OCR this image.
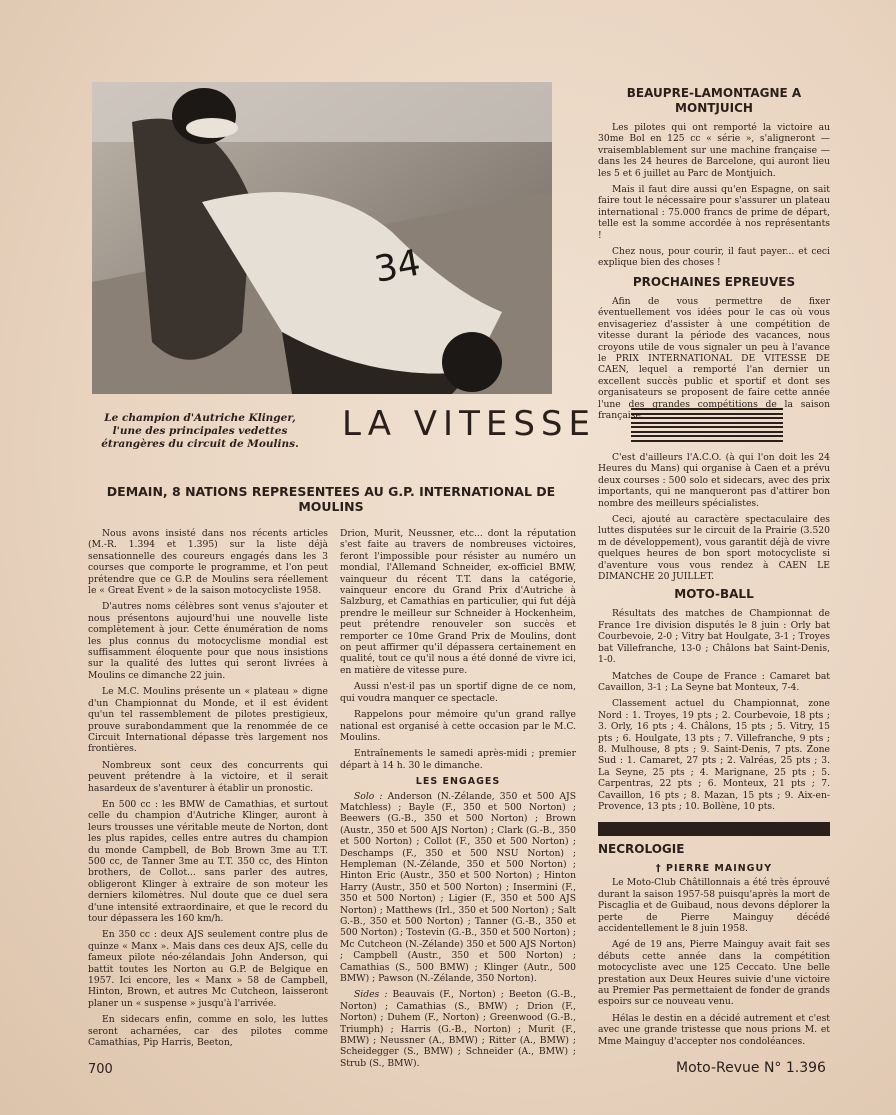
34
Le champion d'Autriche Klinger, l'une des principales vedettes étrangères du circuit de Moulins. LA VITESSE
DEMAIN, 8 NATIONS REPRESENTEES AU G.P. INTERNATIONAL DE MOULINS

Nous avons insisté dans nos récents articles (M.-R. 1.394 et 1.395) sur la liste déjà sensationnelle des coureurs engagés dans les 3 courses que comporte le programme, et l'on peut prétendre que ce G.P. de Moulins sera réellement le « Great Event » de la saison motocycliste 1958.

D'autres noms célèbres sont venus s'ajouter et nous présentons aujourd'hui une nouvelle liste complètement à jour. Cette énumération de noms les plus connus du motocyclisme mondial est suffisamment éloquente pour que nous insistions sur la qualité des luttes qui seront livrées à Moulins ce dimanche 22 juin.

Le M.C. Moulins présente un « plateau » digne d'un Championnat du Monde, et il est évident qu'un tel rassemblement de pilotes prestigieux, prouve surabondamment que la renommée de ce Circuit International dépasse très largement nos frontières.

Nombreux sont ceux des concurrents qui peuvent prétendre à la victoire, et il serait hasardeux de s'aventurer à établir un pronostic.

En 500 cc : les BMW de Camathias, et surtout celle du champion d'Autriche Klinger, auront à leurs trousses une véritable meute de Norton, dont les plus rapides, celles entre autres du champion du monde Campbell, de Bob Brown 3me au T.T. 500 cc, de Tanner 3me au T.T. 350 cc, des Hinton brothers, de Collot... sans parler des autres, obligeront Klinger à extraire de son moteur les derniers kilomètres. Nul doute que ce duel sera d'une intensité extraordinaire, et que le record du tour dépassera les 160 km/h.

En 350 cc : deux AJS seulement contre plus de quinze « Manx ». Mais dans ces deux AJS, celle du fameux pilote néo-zélandais John Anderson, qui battit toutes les Norton au G.P. de Belgique en 1957. Ici encore, les « Manx » 58 de Campbell, Hinton, Brown, et autres Mc Cutcheon, laisseront planer un « suspense » jusqu'à l'arrivée.

En sidecars enfin, comme en solo, les luttes seront acharnées, car des pilotes comme Camathias, Pip Harris, Beeton,

Drion, Murit, Neussner, etc... dont la réputation s'est faite au travers de nombreuses victoires, feront l'impossible pour résister au numéro un mondial, l'Allemand Schneider, ex-officiel BMW, vainqueur du récent T.T. dans la catégorie, vainqueur encore du Grand Prix d'Autriche à Salzburg, et Camathias en particulier, qui fut déjà prendre le meilleur sur Schneider à Hockenheim, peut prétendre renouveler son succès et remporter ce 10me Grand Prix de Moulins, dont on peut affirmer qu'il dépassera certainement en qualité, tout ce qu'il nous a été donné de vivre ici, en matière de vitesse pure.

Aussi n'est-il pas un sportif digne de ce nom, qui voudra manquer ce spectacle.

Rappelons pour mémoire qu'un grand rallye national est organisé à cette occasion par le M.C. Moulins.

Entraînements le samedi après-midi ; premier départ à 14 h. 30 le dimanche.

LES ENGAGES

Solo : Anderson (N.-Zélande, 350 et 500 AJS Matchless) ; Bayle (F., 350 et 500 Norton) ; Beewers (G.-B., 350 et 500 Norton) ; Brown (Austr., 350 et 500 AJS Norton) ; Clark (G.-B., 350 et 500 Norton) ; Collot (F., 350 et 500 Norton) ; Deschamps (F., 350 et 500 NSU Norton) ; Hempleman (N.-Zélande, 350 et 500 Norton) ; Hinton Eric (Austr., 350 et 500 Norton) ; Hinton Harry (Austr., 350 et 500 Norton) ; Insermini (F., 350 et 500 Norton) ; Ligier (F., 350 et 500 AJS Norton) ; Matthews (Irl., 350 et 500 Norton) ; Salt G.-B., 350 et 500 Norton) ; Tanner (G.-B., 350 et 500 Norton) ; Tostevin (G.-B., 350 et 500 Norton) ; Mc Cutcheon (N.-Zélande) 350 et 500 AJS Norton) ; Campbell (Austr., 350 et 500 Norton) ; Camathias (S., 500 BMW) ; Klinger (Autr., 500 BMW) ; Pawson (N.-Zélande, 350 Norton).

Sides : Beauvais (F., Norton) ; Beeton (G.-B., Norton) ; Camathias (S., BMW) ; Drion (F., Norton) ; Duhem (F., Norton) ; Greenwood (G.-B., Triumph) ; Harris (G.-B., Norton) ; Murit (F., BMW) ; Neussner (A., BMW) ; Ritter (A., BMW) ; Scheidegger (S., BMW) ; Schneider (A., BMW) ; Strub (S., BMW).

BEAUPRE-LAMONTAGNE A MONTJUICH

Les pilotes qui ont remporté la victoire au 30me Bol en 125 cc « série », s'aligneront — vraisemblablement sur une machine française — dans les 24 heures de Barcelone, qui auront lieu les 5 et 6 juillet au Parc de Montjuich.

Mais il faut dire aussi qu'en Espagne, on sait faire tout le nécessaire pour s'assurer un plateau international : 75.000 francs de prime de départ, telle est la somme accordée à nos représentants !

Chez nous, pour courir, il faut payer... et ceci explique bien des choses !

PROCHAINES EPREUVES

Afin de vous permettre de fixer éventuellement vos idées pour le cas où vous envisageriez d'assister à une compétition de vitesse durant la période des vacances, nous croyons utile de vous signaler un peu à l'avance le PRIX INTERNATIONAL DE VITESSE DE CAEN, lequel a remporté l'an dernier un excellent succès public et sportif et dont ses organisateurs se proposent de faire cette année l'une des grandes compétitions de la saison française.

C'est d'ailleurs l'A.C.O. (à qui l'on doit les 24 Heures du Mans) qui organise à Caen et a prévu deux courses : 500 solo et sidecars, avec des prix importants, qui ne manqueront pas d'attirer bon nombre des meilleurs spécialistes.

Ceci, ajouté au caractère spectaculaire des luttes disputées sur le circuit de la Prairie (3.520 m de développement), vous garantit déjà de vivre quelques heures de bon sport motocycliste si d'aventure vous vous rendez à CAEN LE DIMANCHE 20 JUILLET.

MOTO-BALL

Résultats des matches de Championnat de France 1re division disputés le 8 juin : Orly bat Courbevoie, 2-0 ; Vitry bat Houlgate, 3-1 ; Troyes bat Villefranche, 13-0 ; Châlons bat Saint-Denis, 1-0.

Matches de Coupe de France : Camaret bat Cavaillon, 3-1 ; La Seyne bat Monteux, 7-4.

Classement actuel du Championnat, zone Nord : 1. Troyes, 19 pts ; 2. Courbevoie, 18 pts ; 3. Orly, 16 pts ; 4. Châlons, 15 pts ; 5. Vitry, 15 pts ; 6. Houlgate, 13 pts ; 7. Villefranche, 9 pts ; 8. Mulhouse, 8 pts ; 9. Saint-Denis, 7 pts. Zone Sud : 1. Camaret, 27 pts ; 2. Valréas, 25 pts ; 3. La Seyne, 25 pts ; 4. Marignane, 25 pts ; 5. Carpentras, 22 pts ; 6. Monteux, 21 pts ; 7. Cavaillon, 16 pts ; 8. Mazan, 15 pts ; 9. Aix-en-Provence, 13 pts ; 10. Bollène, 10 pts.

NECROLOGIE
† PIERRE MAINGUY

Le Moto-Club Châtillonnais a été très éprouvé durant la saison 1957-58 puisqu'après la mort de Piscaglia et de Guibaud, nous devons déplorer la perte de Pierre Mainguy décédé accidentellement le 8 juin 1958.

Agé de 19 ans, Pierre Mainguy avait fait ses débuts cette année dans la compétition motocycliste avec une 125 Ceccato. Une belle prestation aux Deux Heures suivie d'une victoire au Premier Pas permettaient de fonder de grands espoirs sur ce nouveau venu.

Hélas le destin en a décidé autrement et c'est avec une grande tristesse que nous prions M. et Mme Mainguy d'accepter nos condoléances.

700	Moto-Revue N° 1.396
